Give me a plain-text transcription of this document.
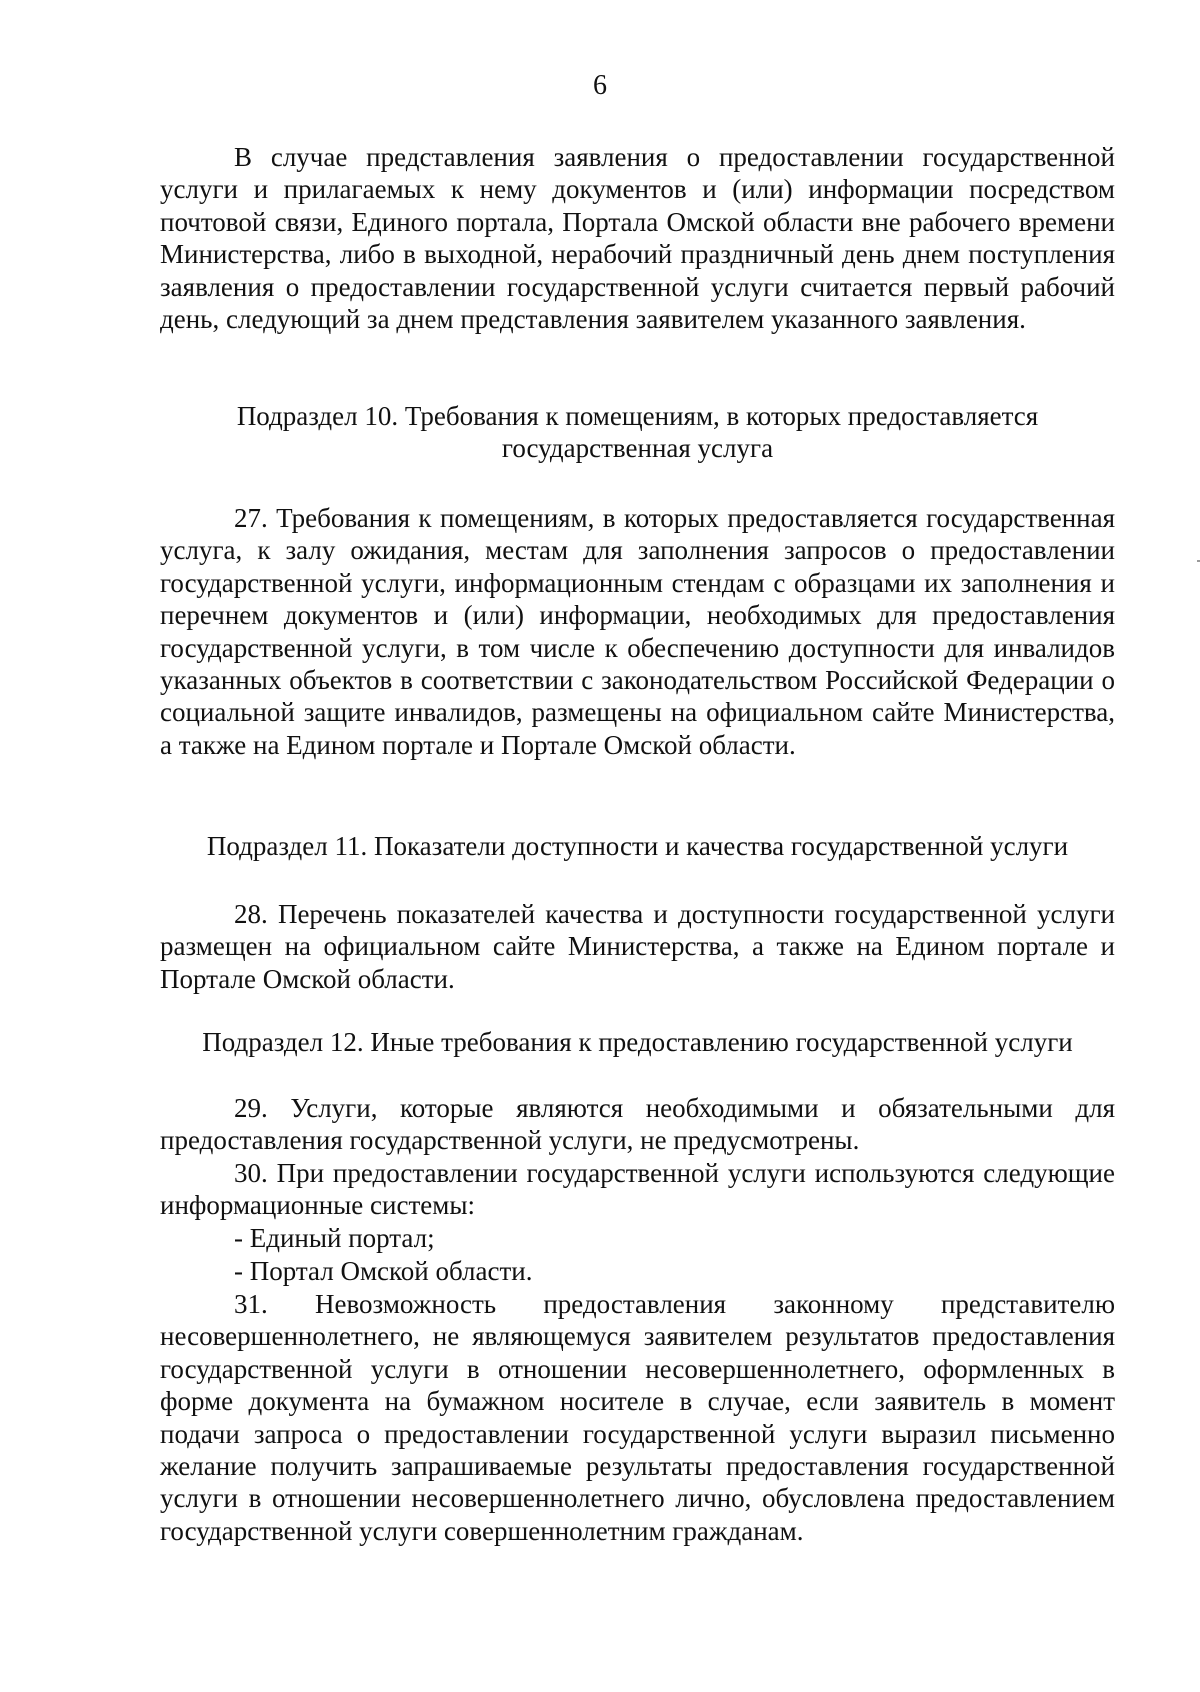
6

В случае представления заявления о предоставлении государственной услуги и прилагаемых к нему документов и (или) информации посредством почтовой связи, Единого портала, Портала Омской области вне рабочего времени Министерства, либо в выходной, нерабочий праздничный день днем поступления заявления о предоставлении государственной услуги считается первый рабочий день, следующий за днем представления заявителем указанного заявления.

Подраздел 10. Требования к помещениям, в которых предоставляется государственная услуга

27. Требования к помещениям, в которых предоставляется государственная услуга, к залу ожидания, местам для заполнения запросов о предоставлении государственной услуги, информационным стендам с образцами их заполнения и перечнем документов и (или) информации, необходимых для предоставления государственной услуги, в том числе к обеспечению доступности для инвалидов указанных объектов в соответствии с законодательством Российской Федерации о социальной защите инвалидов, размещены на официальном сайте Министерства, а также на Едином портале и Портале Омской области.

Подраздел 11. Показатели доступности и качества государственной услуги

28. Перечень показателей качества и доступности государственной услуги размещен на официальном сайте Министерства, а также на Едином портале и Портале Омской области.

Подраздел 12. Иные требования к предоставлению государственной услуги

29. Услуги, которые являются необходимыми и обязательными для предоставления государственной услуги, не предусмотрены.

30. При предоставлении государственной услуги используются следующие информационные системы:

- Единый портал;

- Портал Омской области.

31. Невозможность предоставления законному представителю несовершеннолетнего, не являющемуся заявителем результатов предоставления государственной услуги в отношении несовершеннолетнего, оформленных в форме документа на бумажном носителе в случае, если заявитель в момент подачи запроса о предоставлении государственной услуги выразил письменно желание получить запрашиваемые результаты предоставления государственной услуги в отношении несовершеннолетнего лично, обусловлена предоставлением государственной услуги совершеннолетним гражданам.
